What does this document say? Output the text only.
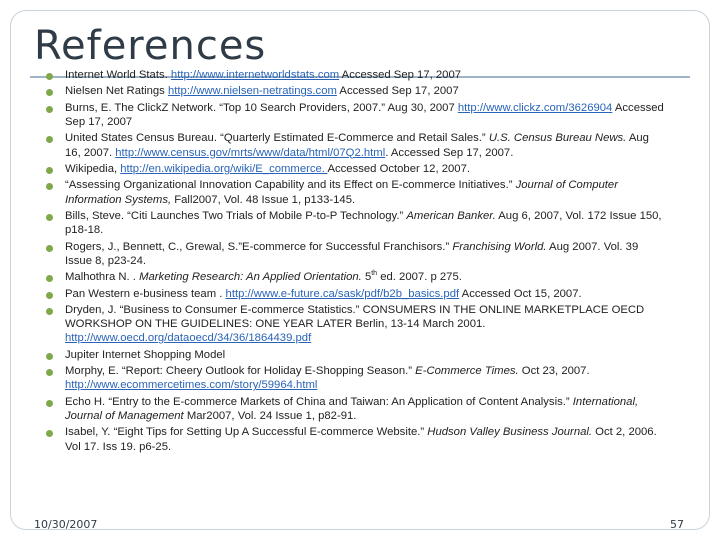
References
Internet World Stats. http://www.internetworldstats.com Accessed Sep 17, 2007
Nielsen Net Ratings http://www.nielsen-netratings.com Accessed Sep 17, 2007
Burns, E. The ClickZ Network. “Top 10 Search Providers, 2007.” Aug 30, 2007 http://www.clickz.com/3626904 Accessed Sep 17, 2007
United States Census Bureau. “Quarterly Estimated E-Commerce and Retail Sales.” U.S. Census Bureau News. Aug 16, 2007. http://www.census.gov/mrts/www/data/html/07Q2.html. Accessed Sep 17, 2007.
Wikipedia, http://en.wikipedia.org/wiki/E_commerce. Accessed October 12, 2007.
“Assessing Organizational Innovation Capability and its Effect on E-commerce Initiatives.” Journal of Computer Information Systems, Fall2007, Vol. 48 Issue 1, p133-145.
Bills, Steve. “Citi Launches Two Trials of Mobile P-to-P Technology.” American Banker. Aug 6, 2007, Vol. 172 Issue 150, p18-18.
Rogers, J., Bennett, C., Grewal, S.”E-commerce for Successful Franchisors.” Franchising World. Aug 2007. Vol. 39 Issue 8, p23-24.
Malhothra N. . Marketing Research: An Applied Orientation. 5th ed. 2007. p 275.
Pan Western e-business team . http://www.e-future.ca/sask/pdf/b2b_basics.pdf Accessed Oct 15, 2007.
Dryden, J. “Business to Consumer E-commerce Statistics.” CONSUMERS IN THE ONLINE MARKETPLACE OECD WORKSHOP ON THE GUIDELINES: ONE YEAR LATER Berlin, 13-14 March 2001. http://www.oecd.org/dataoecd/34/36/1864439.pdf
Jupiter Internet Shopping Model
Morphy, E. “Report: Cheery Outlook for Holiday E-Shopping Season.” E-Commerce Times. Oct 23, 2007. http://www.ecommercetimes.com/story/59964.html
Echo H. “Entry to the E-commerce Markets of China and Taiwan: An Application of Content Analysis.” International, Journal of Management Mar2007, Vol. 24 Issue 1, p82-91.
Isabel, Y. “Eight Tips for Setting Up A Successful E-commerce Website.” Hudson Valley Business Journal. Oct 2, 2006. Vol 17. Iss 19. p6-25.
10/30/2007	57
